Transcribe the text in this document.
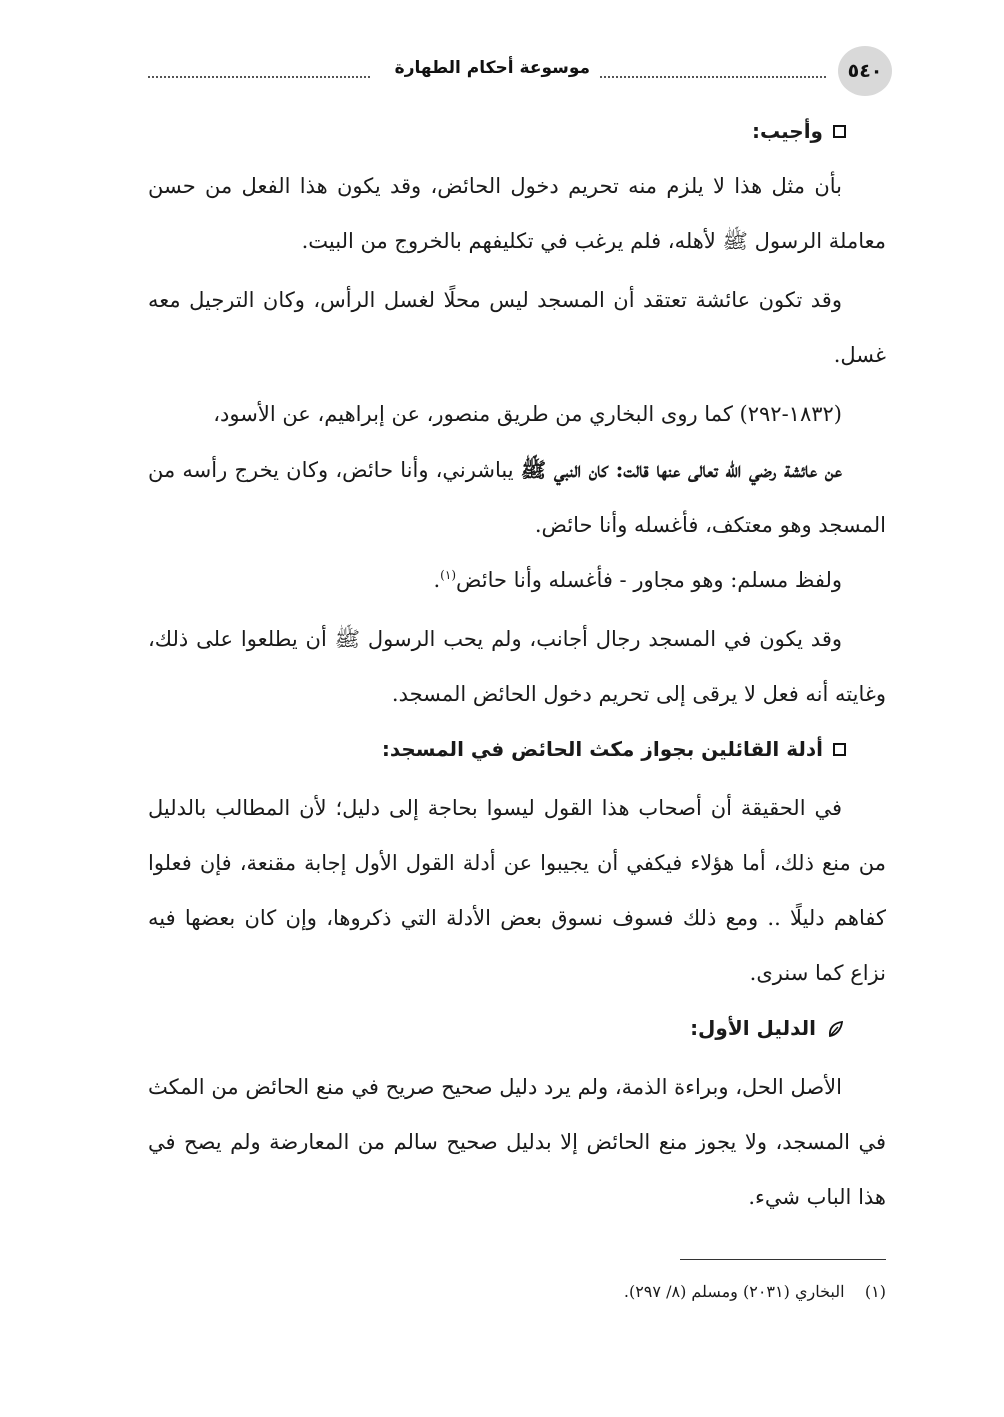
٥٤٠
موسوعة أحكام الطهارة

وأجيب:

بأن مثل هذا لا يلزم منه تحريم دخول الحائض، وقد يكون هذا الفعل من حسن معاملة الرسول ﷺ لأهله، فلم يرغب في تكليفهم بالخروج من البيت.

وقد تكون عائشة تعتقد أن المسجد ليس محلًا لغسل الرأس، وكان الترجيل معه غسل.

(١٨٣٢-٢٩٢) كما روى البخاري من طريق منصور، عن إبراهيم، عن الأسود،

عن عائشة رضي الله تعالى عنها قالت: كان النبي ﷺ يباشرني، وأنا حائض، وكان يخرج رأسه من المسجد وهو معتكف، فأغسله وأنا حائض.

ولفظ مسلم: وهو مجاور - فأغسله وأنا حائض$^{(١)}$.

وقد يكون في المسجد رجال أجانب، ولم يحب الرسول ﷺ أن يطلعوا على ذلك، وغايته أنه فعل لا يرقى إلى تحريم دخول الحائض المسجد.

أدلة القائلين بجواز مكث الحائض في المسجد:

في الحقيقة أن أصحاب هذا القول ليسوا بحاجة إلى دليل؛ لأن المطالب بالدليل من منع ذلك، أما هؤلاء فيكفي أن يجيبوا عن أدلة القول الأول إجابة مقنعة، فإن فعلوا كفاهم دليلًا .. ومع ذلك فسوف نسوق بعض الأدلة التي ذكروها، وإن كان بعضها فيه نزاع كما سنرى.

الدليل الأول:

الأصل الحل، وبراءة الذمة، ولم يرد دليل صحيح صريح في منع الحائض من المكث في المسجد، ولا يجوز منع الحائض إلا بدليل صحيح سالم من المعارضة ولم يصح في هذا الباب شيء.

(١)    البخاري (٢٠٣١) ومسلم (٨/ ٢٩٧).
